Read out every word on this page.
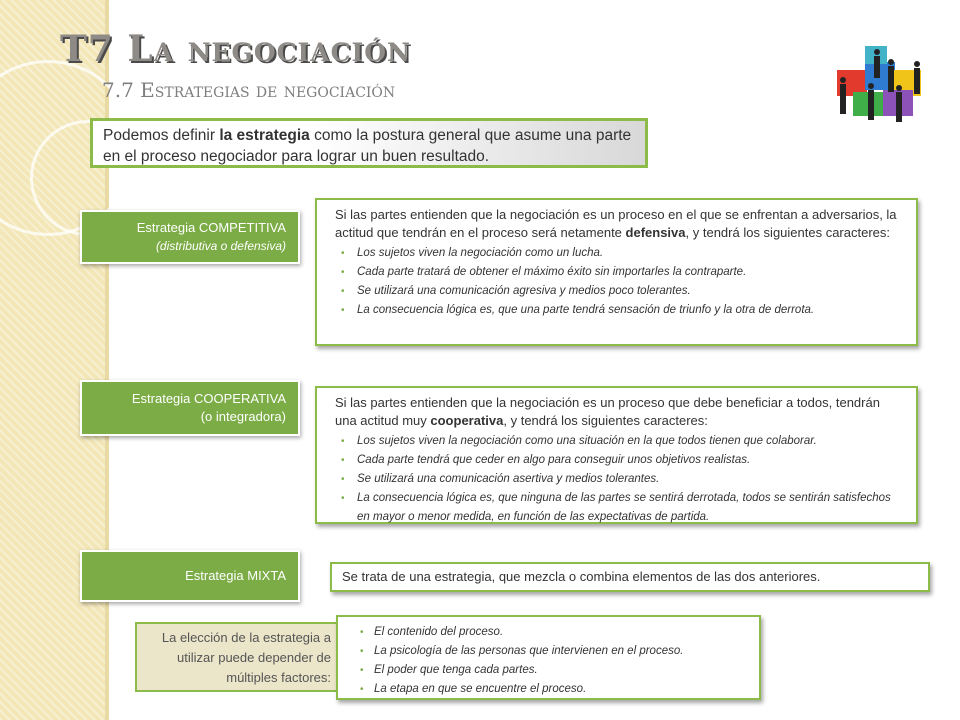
T7 La negociación
7.7 Estrategias de negociación
Podemos definir la estrategia como la postura general que asume una parte en el proceso negociador para lograr un buen resultado.
Estrategia COMPETITIVA
(distributiva o defensiva)
Si las partes entienden que la negociación es un proceso en el que se enfrentan a adversarios, la actitud que tendrán en el proceso será netamente defensiva, y tendrá los siguientes caracteres:
• Los sujetos viven la negociación como un lucha.
• Cada parte tratará de obtener el máximo éxito sin importarles la contraparte.
• Se utilizará una comunicación agresiva y medios poco tolerantes.
• La consecuencia lógica es, que una parte tendrá sensación de triunfo y la otra de derrota.
Estrategia COOPERATIVA
(o integradora)
Si las partes entienden que la negociación es un proceso que debe beneficiar a todos, tendrán una actitud muy cooperativa, y tendrá los siguientes caracteres:
• Los sujetos viven la negociación como una situación en la que todos tienen que colaborar.
• Cada parte tendrá que ceder en algo para conseguir unos objetivos realistas.
• Se utilizará una comunicación asertiva y medios tolerantes.
• La consecuencia lógica es, que ninguna de las partes se sentirá derrotada, todos se sentirán satisfechos en mayor o menor medida, en función de las expectativas de partida.
Estrategia MIXTA	Se trata de una estrategia, que mezcla o combina elementos de las dos anteriores.
La elección de la estrategia a utilizar puede depender de múltiples factores:
• El contenido del proceso.
• La psicología de las personas que intervienen en el proceso.
• El poder que tenga cada partes.
• La etapa en que se encuentre el proceso.
